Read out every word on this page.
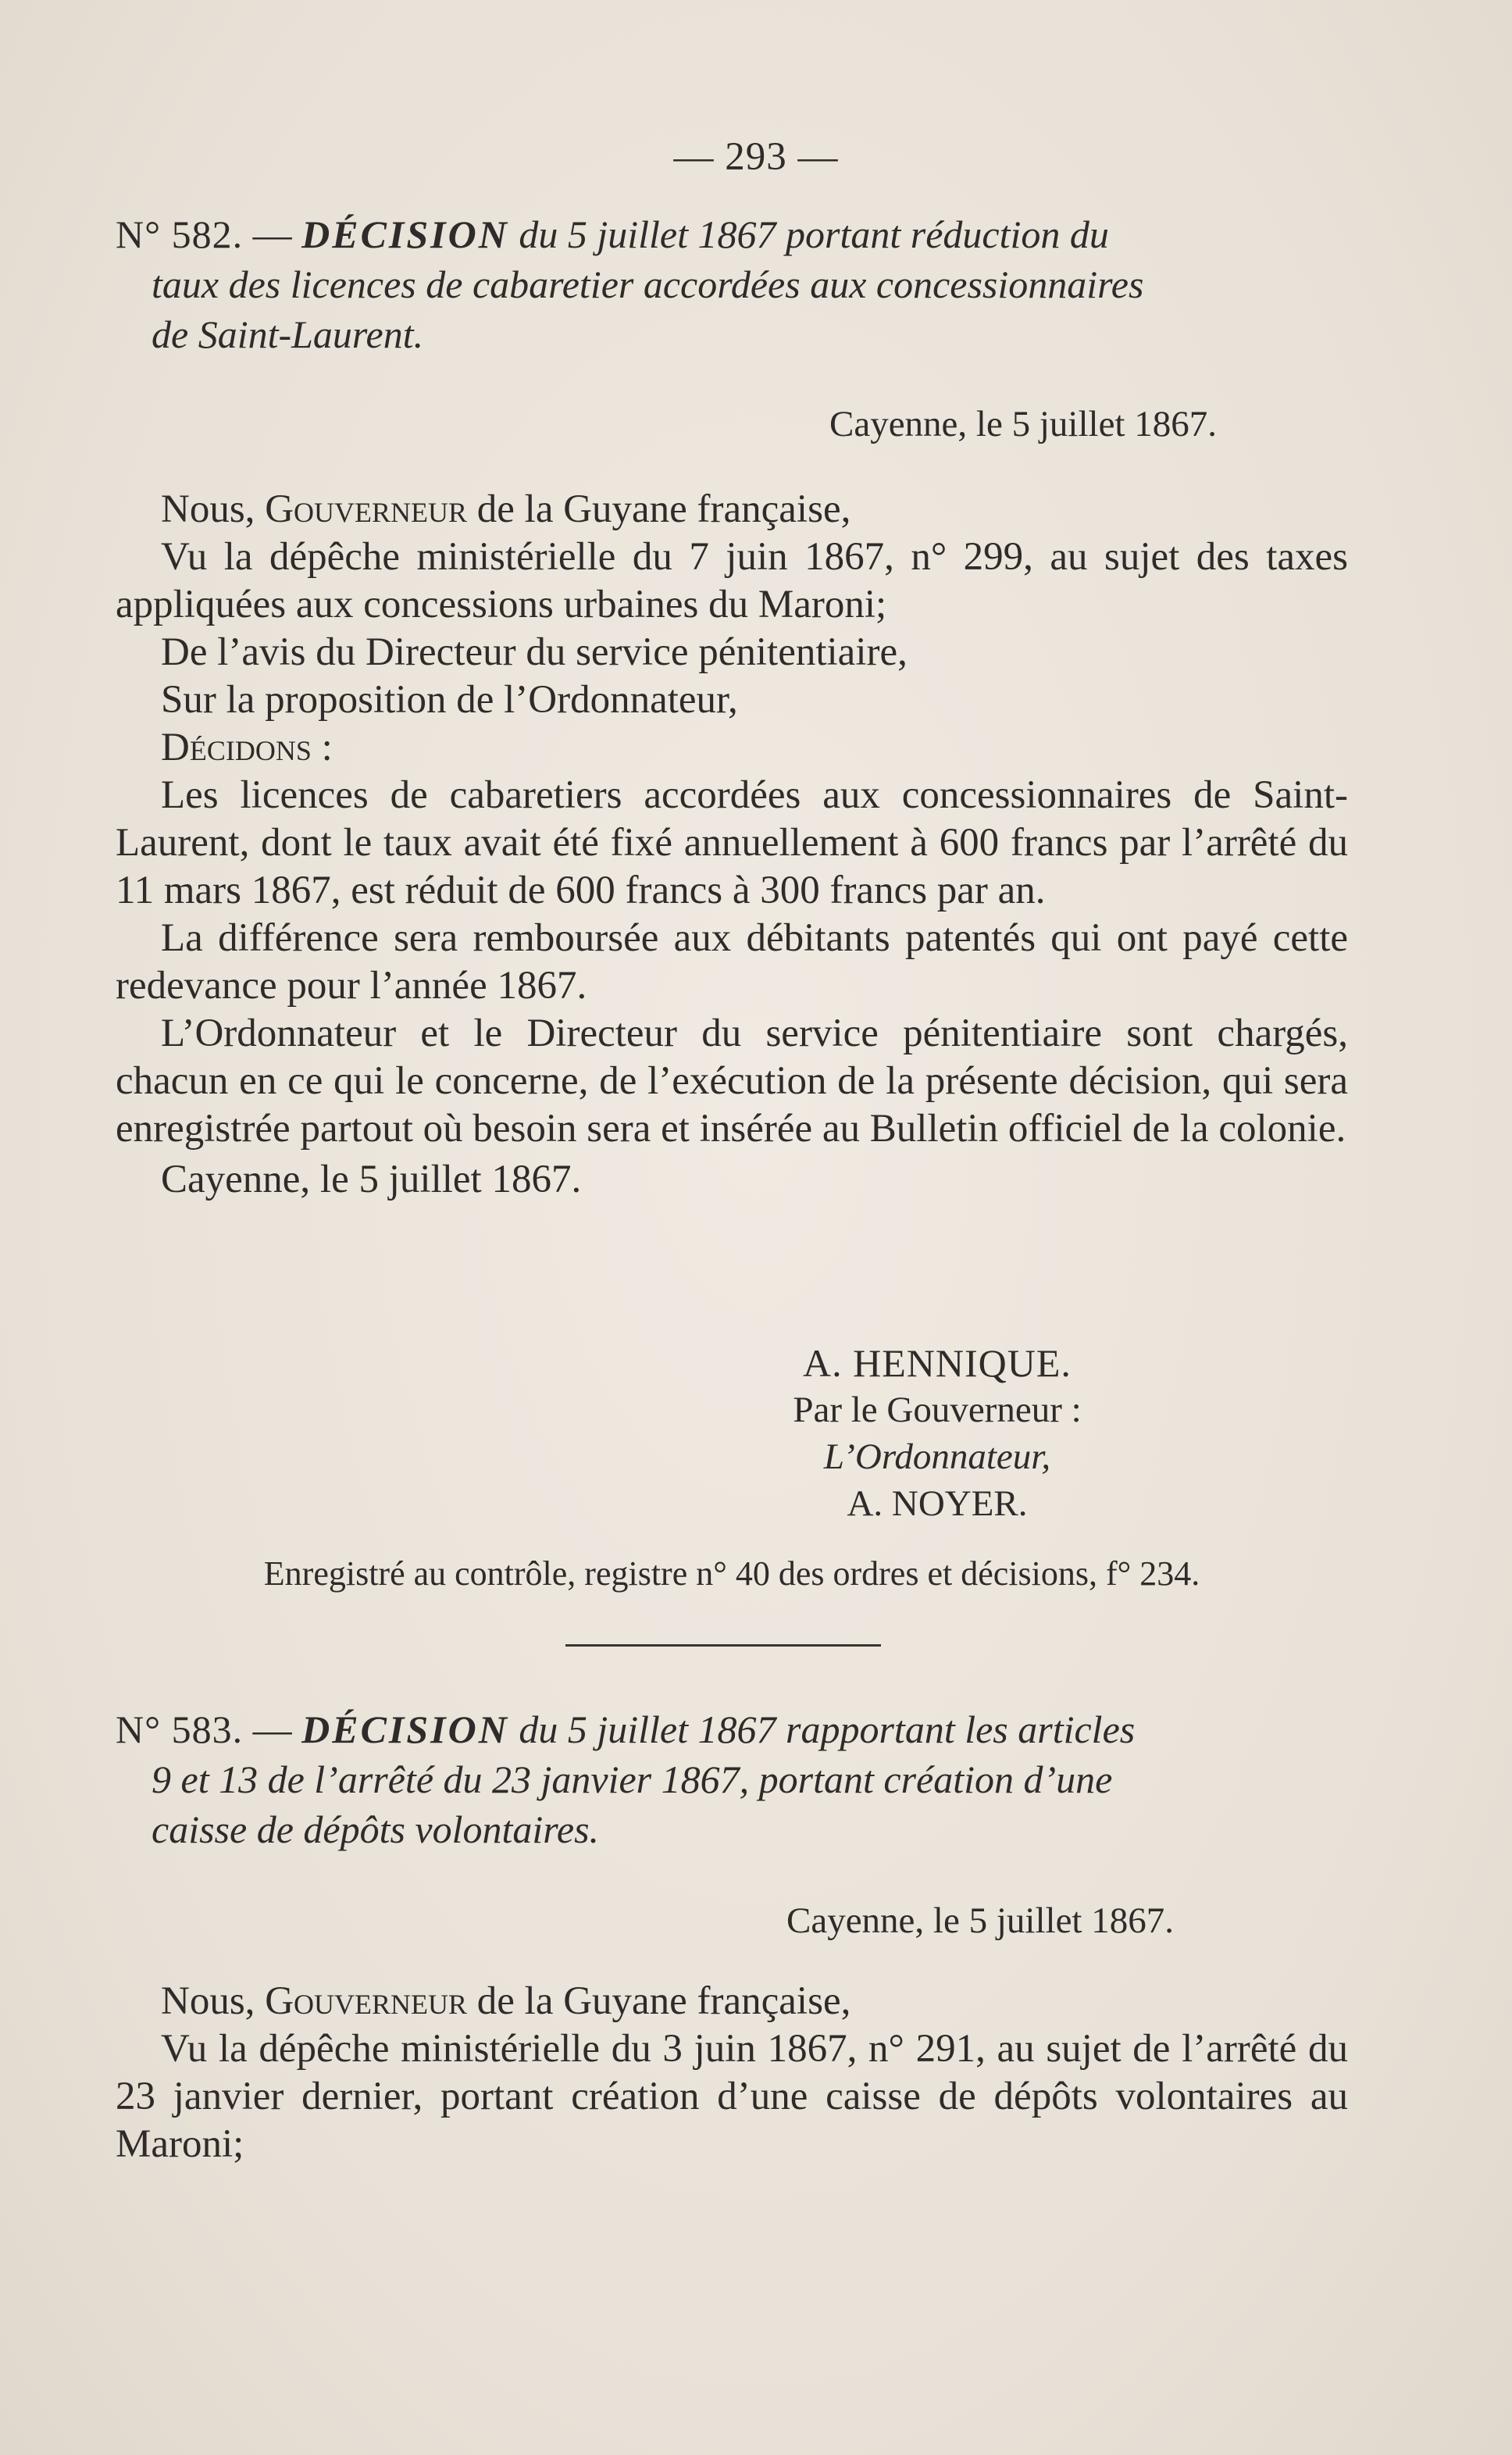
— 293 —
N° 582. — DÉCISION du 5 juillet 1867 portant réduction du
taux des licences de cabaretier accordées aux concessionnaires
de Saint-Laurent.
Cayenne, le 5 juillet 1867.

Nous, Gouverneur de la Guyane française,

Vu la dépêche ministérielle du 7 juin 1867, n° 299, au sujet des taxes appliquées aux concessions urbaines du Maroni;

De l’avis du Directeur du service pénitentiaire,

Sur la proposition de l’Ordonnateur,

Décidons :

Les licences de cabaretiers accordées aux concessionnaires de Saint-Laurent, dont le taux avait été fixé annuellement à 600 francs par l’arrêté du 11 mars 1867, est réduit de 600 francs à 300 francs par an.

La différence sera remboursée aux débitants patentés qui ont payé cette redevance pour l’année 1867.

L’Ordonnateur et le Directeur du service pénitentiaire sont chargés, chacun en ce qui le concerne, de l’exécution de la présente décision, qui sera enregistrée partout où besoin sera et insérée au Bulletin officiel de la colonie.

Cayenne, le 5 juillet 1867.

A. HENNIQUE.
Par le Gouverneur :
L’Ordonnateur,
A. NOYER.
Enregistré au contrôle, registre n° 40 des ordres et décisions, f° 234.
N° 583. — DÉCISION du 5 juillet 1867 rapportant les articles
9 et 13 de l’arrêté du 23 janvier 1867, portant création d’une
caisse de dépôts volontaires.
Cayenne, le 5 juillet 1867.

Nous, Gouverneur de la Guyane française,

Vu la dépêche ministérielle du 3 juin 1867, n° 291, au sujet de l’arrêté du 23 janvier dernier, portant création d’une caisse de dépôts volontaires au Maroni;
